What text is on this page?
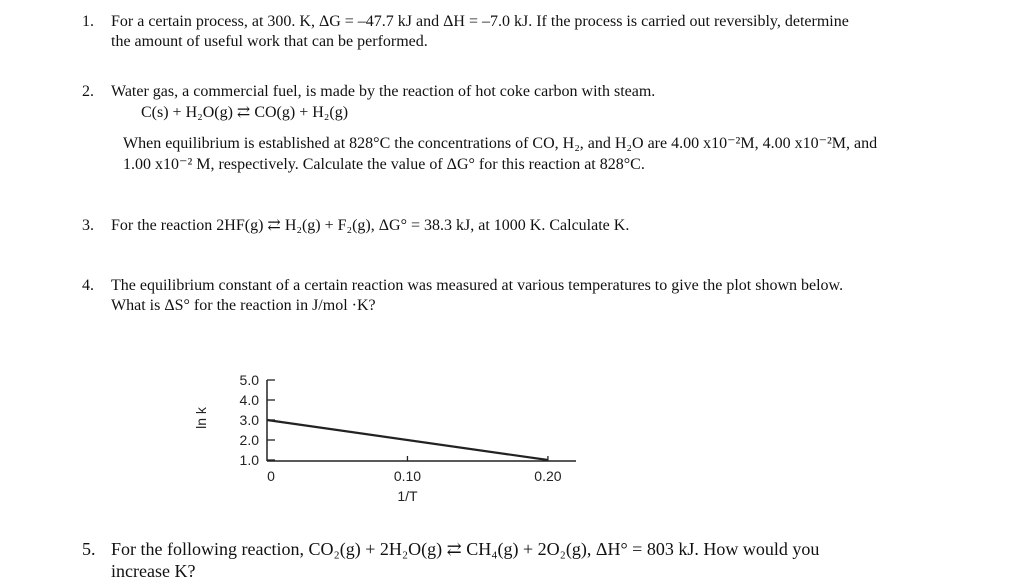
1. For a certain process, at 300. K, ΔG = –47.7 kJ and ΔH = –7.0 kJ. If the process is carried out reversibly, determine
the amount of useful work that can be performed.
2. Water gas, a commercial fuel, is made by the reaction of hot coke carbon with steam.
C(s) + H₂O(g) ⇄ CO(g) + H₂(g)
When equilibrium is established at 828°C the concentrations of CO, H₂, and H₂O are 4.00 x10⁻²M, 4.00 x10⁻²M, and
1.00 x10⁻² M, respectively. Calculate the value of ΔG° for this reaction at 828°C.
3. For the reaction 2HF(g) ⇄ H₂(g) + F₂(g), ΔG° = 38.3 kJ, at 1000 K. Calculate K.
4. The equilibrium constant of a certain reaction was measured at various temperatures to give the plot shown below.
What is ΔS° for the reaction in J/mol ·K?
5.0
4.0
3.0
2.0
1.0
0	0.10	0.20
1/T
ln k
5. For the following reaction, CO₂(g) + 2H₂O(g) ⇄ CH₄(g) + 2O₂(g), ΔH° = 803 kJ. How would you
increase K?
